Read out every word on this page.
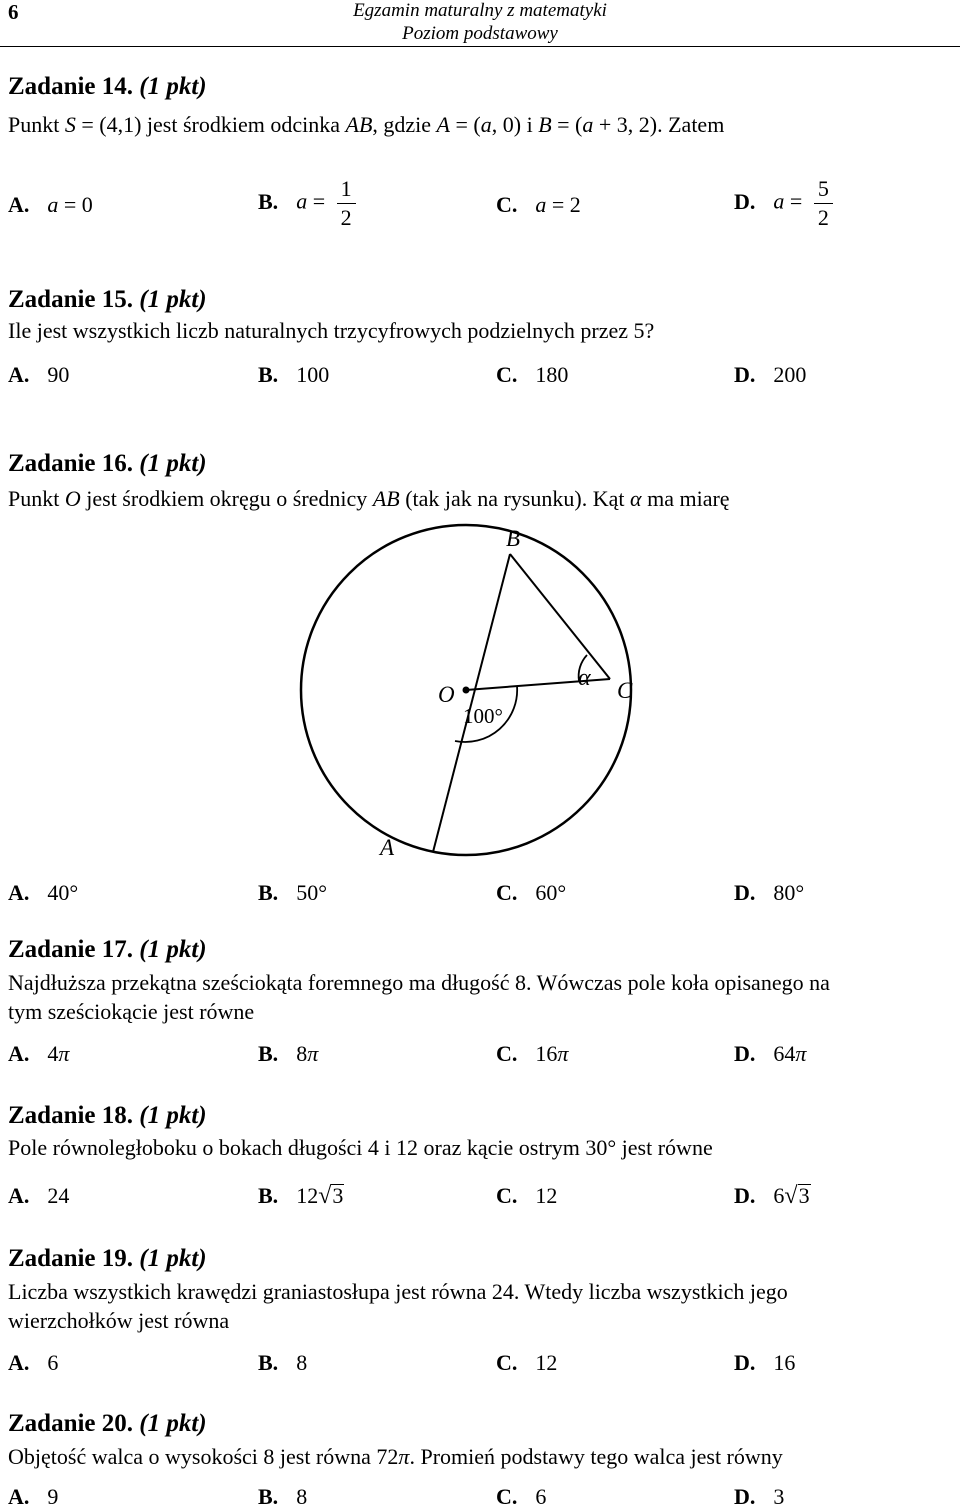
6	Egzamin maturalny z matematyki
Poziom podstawowy
Zadanie 14. (1 pkt)
Punkt S = (4,1) jest środkiem odcinka AB, gdzie A = (a, 0) i B = (a + 3, 2). Zatem
A. a = 0	B. $a = \frac{1}{2}$	C. a = 2	D. $a = \frac{5}{2}$
Zadanie 15. (1 pkt)
Ile jest wszystkich liczb naturalnych trzycyfrowych podzielnych przez 5?
A. 90	B. 100	C. 180	D. 200
Zadanie 16. (1 pkt)
Punkt O jest środkiem okręgu o średnicy AB (tak jak na rysunku). Kąt α ma miarę
B
O	C
A
α
100°
A. 40°	B. 50°	C. 60°	D. 80°
Zadanie 17. (1 pkt)
Najdłuższa przekątna sześciokąta foremnego ma długość 8. Wówczas pole koła opisanego na
tym sześciokącie jest równe
A. 4π	B. 8π	C. 16π	D. 64π
Zadanie 18. (1 pkt)
Pole równoległoboku o bokach długości 4 i 12 oraz kącie ostrym 30° jest równe
A. 24	B. 12√3	C. 12	D. 6√3
Zadanie 19. (1 pkt)
Liczba wszystkich krawędzi graniastosłupa jest równa 24. Wtedy liczba wszystkich jego
wierzchołków jest równa
A. 6	B. 8	C. 12	D. 16
Zadanie 20. (1 pkt)
Objętość walca o wysokości 8 jest równa 72π. Promień podstawy tego walca jest równy
A. 9	B. 8	C. 6	D. 3
